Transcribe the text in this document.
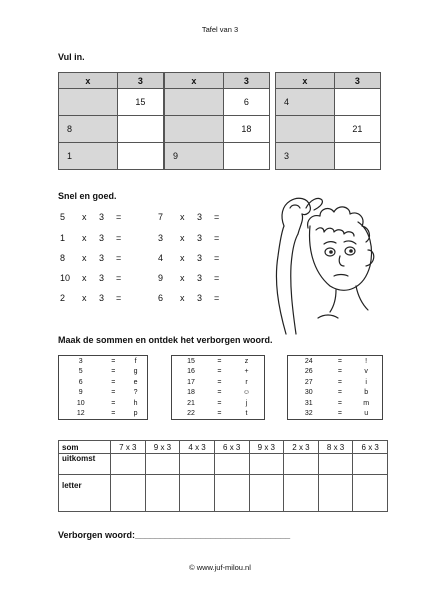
Tafel van 3
Vul in.
x	3
	15
8	
1	
x	3
	6
	18
9	
x	3
4	
	21
3	
Snel en goed.
5 x 3 =
1 x 3 =
8 x 3 =
10 x 3 =
2 x 3 =
7 x 3 =
3 x 3 =
4 x 3 =
9 x 3 =
6 x 3 =
Maak de sommen en ontdek het verborgen woord.
3	=	f
5	=	g
6	=	e
9	=	?
10	=	h
12	=	p
15	=	z
16	=	+
17	=	r
18	=	☺
21	=	j
22	=	t
24	=	!
26	=	v
27	=	i
30	=	b
31	=	m
32	=	u
som	7 x 3	9 x 3	4 x 3	6 x 3	9 x 3	2 x 3	8 x 3	6 x 3
uitkomst								
letter								
Verborgen woord:_______________________________
© www.juf-milou.nl
